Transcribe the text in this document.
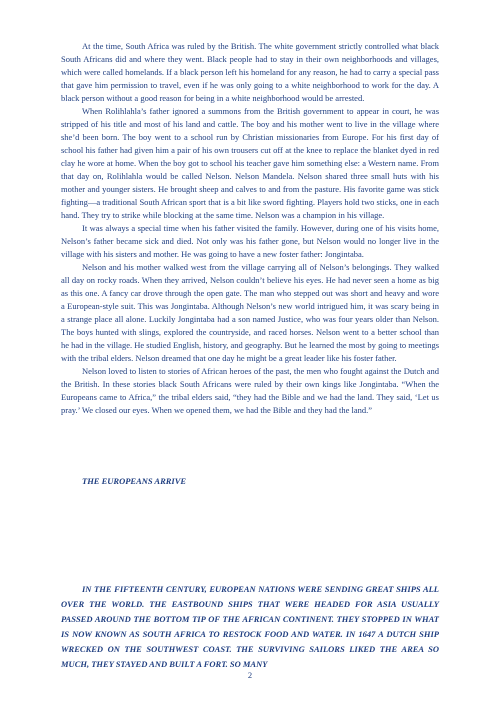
At the time, South Africa was ruled by the British. The white government strictly controlled what black South Africans did and where they went. Black people had to stay in their own neighborhoods and villages, which were called homelands. If a black person left his homeland for any reason, he had to carry a special pass that gave him permission to travel, even if he was only going to a white neighborhood to work for the day. A black person without a good reason for being in a white neighborhood would be arrested.

When Rolihlahla’s father ignored a summons from the British government to appear in court, he was stripped of his title and most of his land and cattle. The boy and his mother went to live in the village where she’d been born. The boy went to a school run by Christian missionaries from Europe. For his first day of school his father had given him a pair of his own trousers cut off at the knee to replace the blanket dyed in red clay he wore at home. When the boy got to school his teacher gave him something else: a Western name. From that day on, Rolihlahla would be called Nelson. Nelson Mandela. Nelson shared three small huts with his mother and younger sisters. He brought sheep and calves to and from the pasture. His favorite game was stick fighting—a traditional South African sport that is a bit like sword fighting. Players hold two sticks, one in each hand. They try to strike while blocking at the same time. Nelson was a champion in his village.

It was always a special time when his father visited the family. However, during one of his visits home, Nelson’s father became sick and died. Not only was his father gone, but Nelson would no longer live in the village with his sisters and mother. He was going to have a new foster father: Jongintaba.

Nelson and his mother walked west from the village carrying all of Nelson’s belongings. They walked all day on rocky roads. When they arrived, Nelson couldn’t believe his eyes. He had never seen a home as big as this one. A fancy car drove through the open gate. The man who stepped out was short and heavy and wore a European-style suit. This was Jongintaba. Although Nelson’s new world intrigued him, it was scary being in a strange place all alone. Luckily Jongintaba had a son named Justice, who was four years older than Nelson. The boys hunted with slings, explored the countryside, and raced horses. Nelson went to a better school than he had in the village. He studied English, history, and geography. But he learned the most by going to meetings with the tribal elders. Nelson dreamed that one day he might be a great leader like his foster father.

Nelson loved to listen to stories of African heroes of the past, the men who fought against the Dutch and the British. In these stories black South Africans were ruled by their own kings like Jongintaba. “When the Europeans came to Africa,” the tribal elders said, “they had the Bible and we had the land. They said, ‘Let us pray.’ We closed our eyes. When we opened them, we had the Bible and they had the land.”

THE EUROPEANS ARRIVE

IN THE FIFTEENTH CENTURY, EUROPEAN NATIONS WERE SENDING GREAT SHIPS ALL OVER THE WORLD. THE EASTBOUND SHIPS THAT WERE HEADED FOR ASIA USUALLY PASSED AROUND THE BOTTOM TIP OF THE AFRICAN CONTINENT. THEY STOPPED IN WHAT IS NOW KNOWN AS SOUTH AFRICA TO RESTOCK FOOD AND WATER. IN 1647 A DUTCH SHIP WRECKED ON THE SOUTHWEST COAST. THE SURVIVING SAILORS LIKED THE AREA SO MUCH, THEY STAYED AND BUILT A FORT. SO MANY

2
